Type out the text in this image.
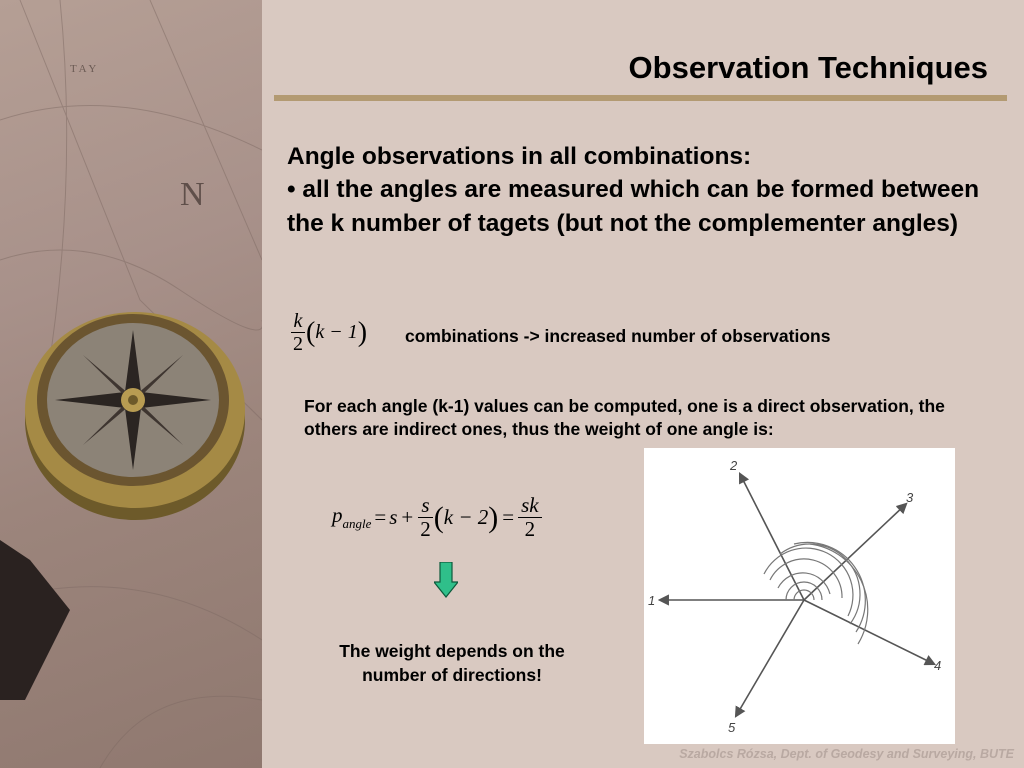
N
T A Y	Observation Techniques
Angle observations in all combinations:
• all the angles are measured which can be formed between the k number of tagets (but not the complementer angles)
$\frac{k}{2}$ ( k − 1 ) combinations -> increased number of observations
For each angle (k-1) values can be computed, one is a direct observation, the others are indirect ones, thus the weight of one angle is:
$p_{angle} = s + \frac{s}{2}$ ( k − 2 ) = $\frac{sk}{2}$
The weight depends on the
number of directions!
2
3
1
4
5
Szabolcs Rózsa, Dept. of Geodesy and Surveying, BUTE
